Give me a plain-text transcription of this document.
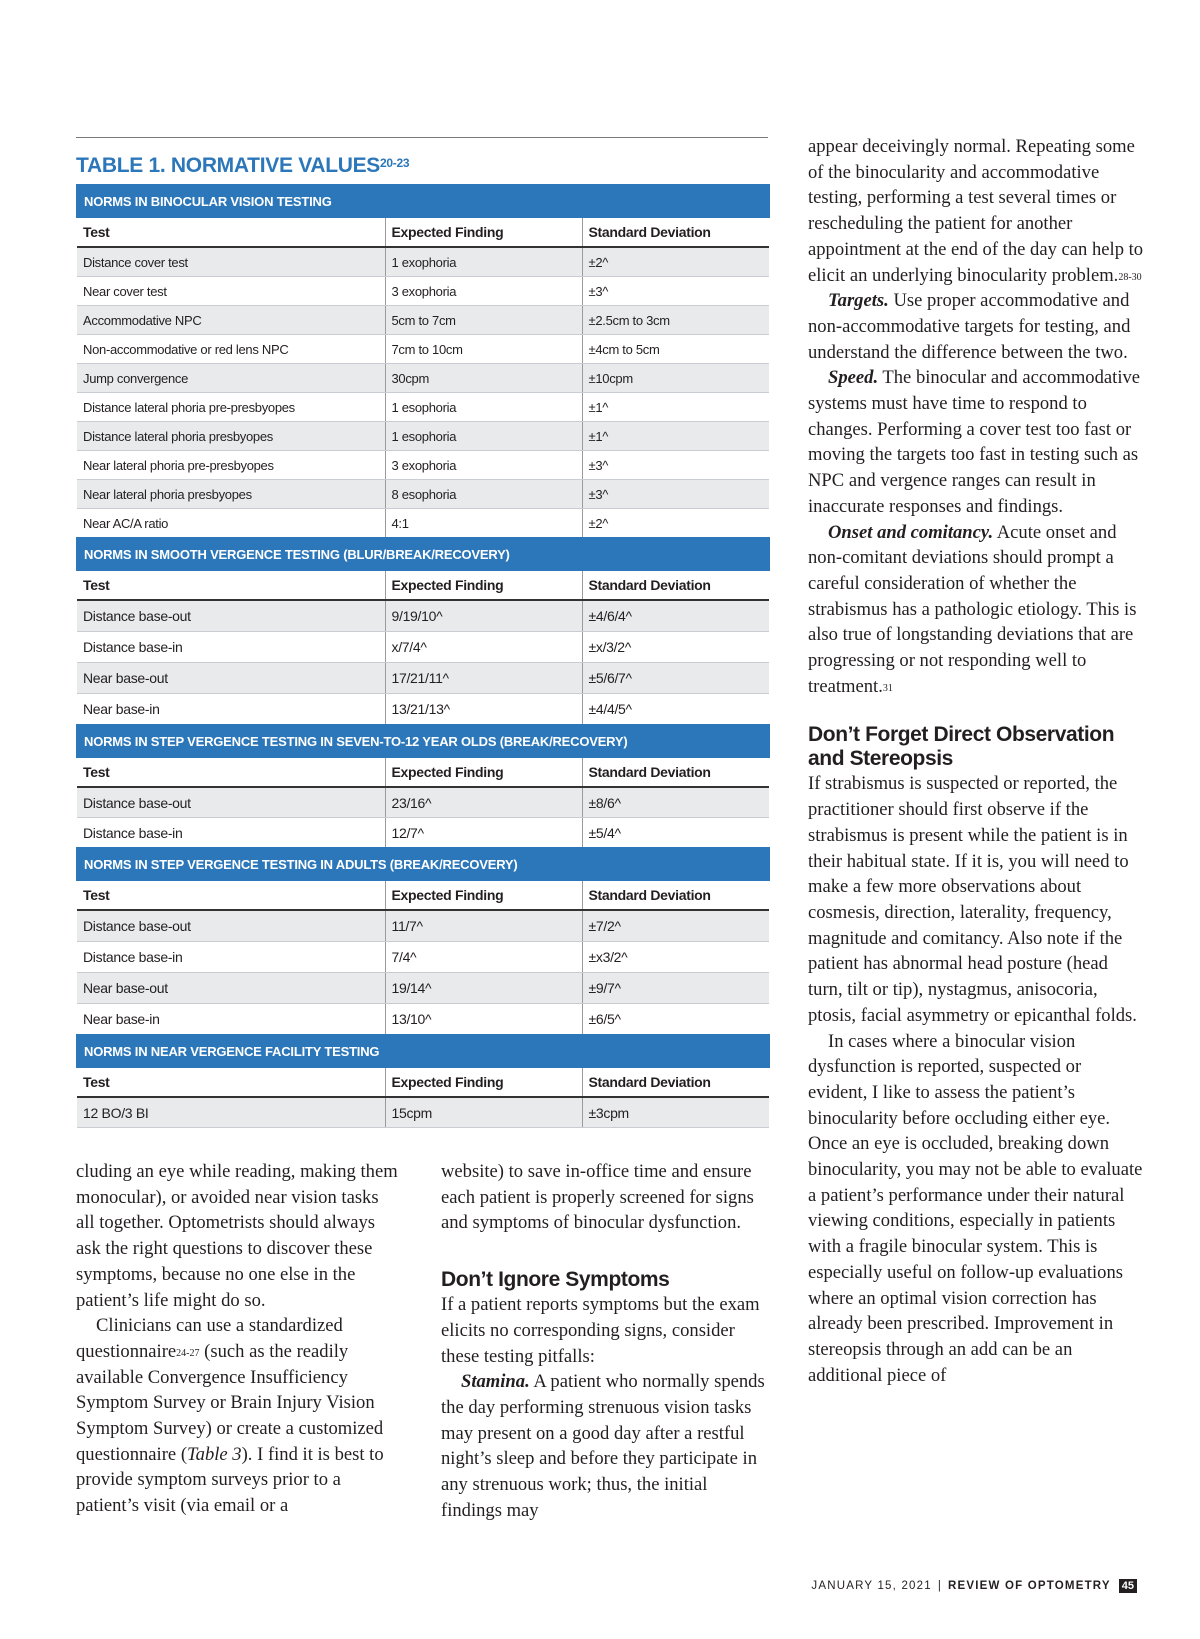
TABLE 1. NORMATIVE VALUES$^{20-23}$
NORMS IN BINOCULAR VISION TESTING		
Test	Expected Finding	Standard Deviation
Distance cover test	1 exophoria	±2^
Near cover test	3 exophoria	±3^
Accommodative NPC	5cm to 7cm	±2.5cm to 3cm
Non-accommodative or red lens NPC	7cm to 10cm	±4cm to 5cm
Jump convergence	30cpm	±10cpm
Distance lateral phoria pre-presbyopes	1 esophoria	±1^
Distance lateral phoria presbyopes	1 esophoria	±1^
Near lateral phoria pre-presbyopes	3 exophoria	±3^
Near lateral phoria presbyopes	8 esophoria	±3^
Near AC/A ratio	4:1	±2^
NORMS IN SMOOTH VERGENCE TESTING (BLUR/BREAK/RECOVERY)		
Test	Expected Finding	Standard Deviation
Distance base-out	9/19/10^	±4/6/4^
Distance base-in	x/7/4^	±x/3/2^
Near base-out	17/21/11^	±5/6/7^
Near base-in	13/21/13^	±4/4/5^
NORMS IN STEP VERGENCE TESTING IN SEVEN-TO-12 YEAR OLDS (BREAK/RECOVERY)		
Test	Expected Finding	Standard Deviation
Distance base-out	23/16^	±8/6^
Distance base-in	12/7^	±5/4^
NORMS IN STEP VERGENCE TESTING IN ADULTS (BREAK/RECOVERY)		
Test	Expected Finding	Standard Deviation
Distance base-out	11/7^	±7/2^
Distance base-in	7/4^	±x3/2^
Near base-out	19/14^	±9/7^
Near base-in	13/10^	±6/5^
NORMS IN NEAR VERGENCE FACILITY TESTING		
Test	Expected Finding	Standard Deviation
12 BO/3 BI	15cpm	±3cpm

cluding an eye while reading, making them monocular), or avoided near vision tasks all together. Optometrists should always ask the right questions to discover these symptoms, because no one else in the patient’s life might do so.

Clinicians can use a standardized questionnaire$^{24-27}$ (such as the readily available Convergence Insufficiency Symptom Survey or Brain Injury Vision Symptom Survey) or create a customized questionnaire (Table 3). I find it is best to provide symptom surveys prior to a patient’s visit (via email or a

website) to save in-office time and ensure each patient is properly screened for signs and symptoms of binocular dysfunction.

Don’t Ignore Symptoms

If a patient reports symptoms but the exam elicits no corresponding signs, consider these testing pitfalls:

Stamina. A patient who normally spends the day performing strenuous vision tasks may present on a good day after a restful night’s sleep and before they participate in any strenuous work; thus, the initial findings may

appear deceivingly normal. Repeating some of the binocularity and accommodative testing, performing a test several times or rescheduling the patient for another appointment at the end of the day can help to elicit an underlying binocularity problem.$^{28-30}$

Targets. Use proper accommodative and non-accommodative targets for testing, and understand the difference between the two.

Speed. The binocular and accommodative systems must have time to respond to changes. Performing a cover test too fast or moving the targets too fast in testing such as NPC and vergence ranges can result in inaccurate responses and findings.

Onset and comitancy. Acute onset and non-comitant deviations should prompt a careful consideration of whether the strabismus has a pathologic etiology. This is also true of longstanding deviations that are progressing or not responding well to treatment.$^{31}$

Don’t Forget Direct Observation
and Stereopsis

If strabismus is suspected or reported, the practitioner should first observe if the strabismus is present while the patient is in their habitual state. If it is, you will need to make a few more observations about cosmesis, direction, laterality, frequency, magnitude and comitancy. Also note if the patient has abnormal head posture (head turn, tilt or tip), nystagmus, anisocoria, ptosis, facial asymmetry or epicanthal folds.

In cases where a binocular vision dysfunction is reported, suspected or evident, I like to assess the patient’s binocularity before occluding either eye. Once an eye is occluded, breaking down binocularity, you may not be able to evaluate a patient’s performance under their natural viewing conditions, especially in patients with a fragile binocular system. This is especially useful on follow-up evaluations where an optimal vision correction has already been prescribed. Improvement in stereopsis through an add can be an additional piece of

JANUARY 15, 2021 | REVIEW OF OPTOMETRY 45
